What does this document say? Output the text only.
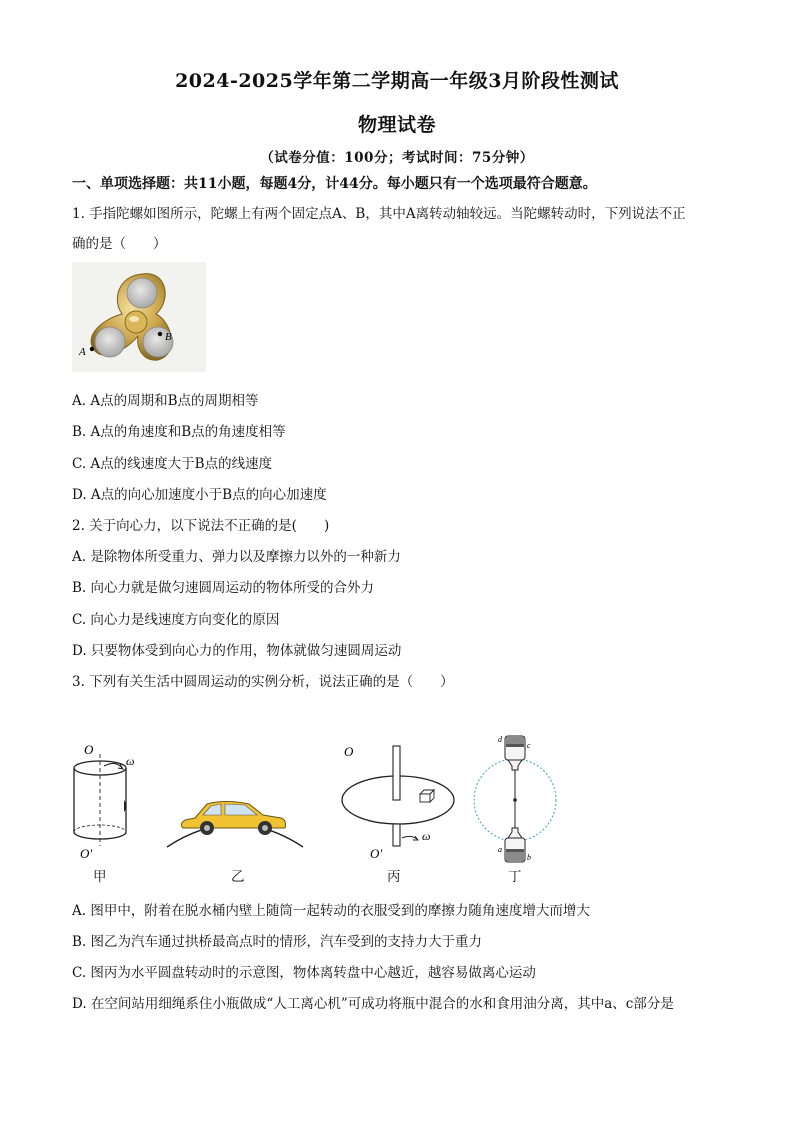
2024-2025学年第二学期高一年级3月阶段性测试
物理试卷
（试卷分值：100分；考试时间：75分钟）
一、单项选择题：共11小题，每题4分，计44分。每小题只有一个选项最符合题意。
1. 手指陀螺如图所示，陀螺上有两个固定点A、B，其中A离转动轴较远。当陀螺转动时，下列说法不正
确的是（　　）
B
A
A. A点的周期和B点的周期相等
B. A点的角速度和B点的角速度相等
C. A点的线速度大于B点的线速度
D. A点的向心加速度小于B点的向心加速度
2. 关于向心力，以下说法不正确的是(　　)
A. 是除物体所受重力、弹力以及摩擦力以外的一种新力
B. 向心力就是做匀速圆周运动的物体所受的合外力
C. 向心力是线速度方向变化的原因
D. 只要物体受到向心力的作用，物体就做匀速圆周运动
3. 下列有关生活中圆周运动的实例分析，说法正确的是（　　）
O
ω
O′
O
ω
O′
d
c
a
b
甲	乙	丙	丁
A. 图甲中，附着在脱水桶内壁上随筒一起转动的衣服受到的摩擦力随角速度增大而增大
B. 图乙为汽车通过拱桥最高点时的情形，汽车受到的支持力大于重力
C. 图丙为水平圆盘转动时的示意图，物体离转盘中心越近，越容易做离心运动
D. 在空间站用细绳系住小瓶做成“人工离心机”可成功将瓶中混合的水和食用油分离，其中a、c部分是
